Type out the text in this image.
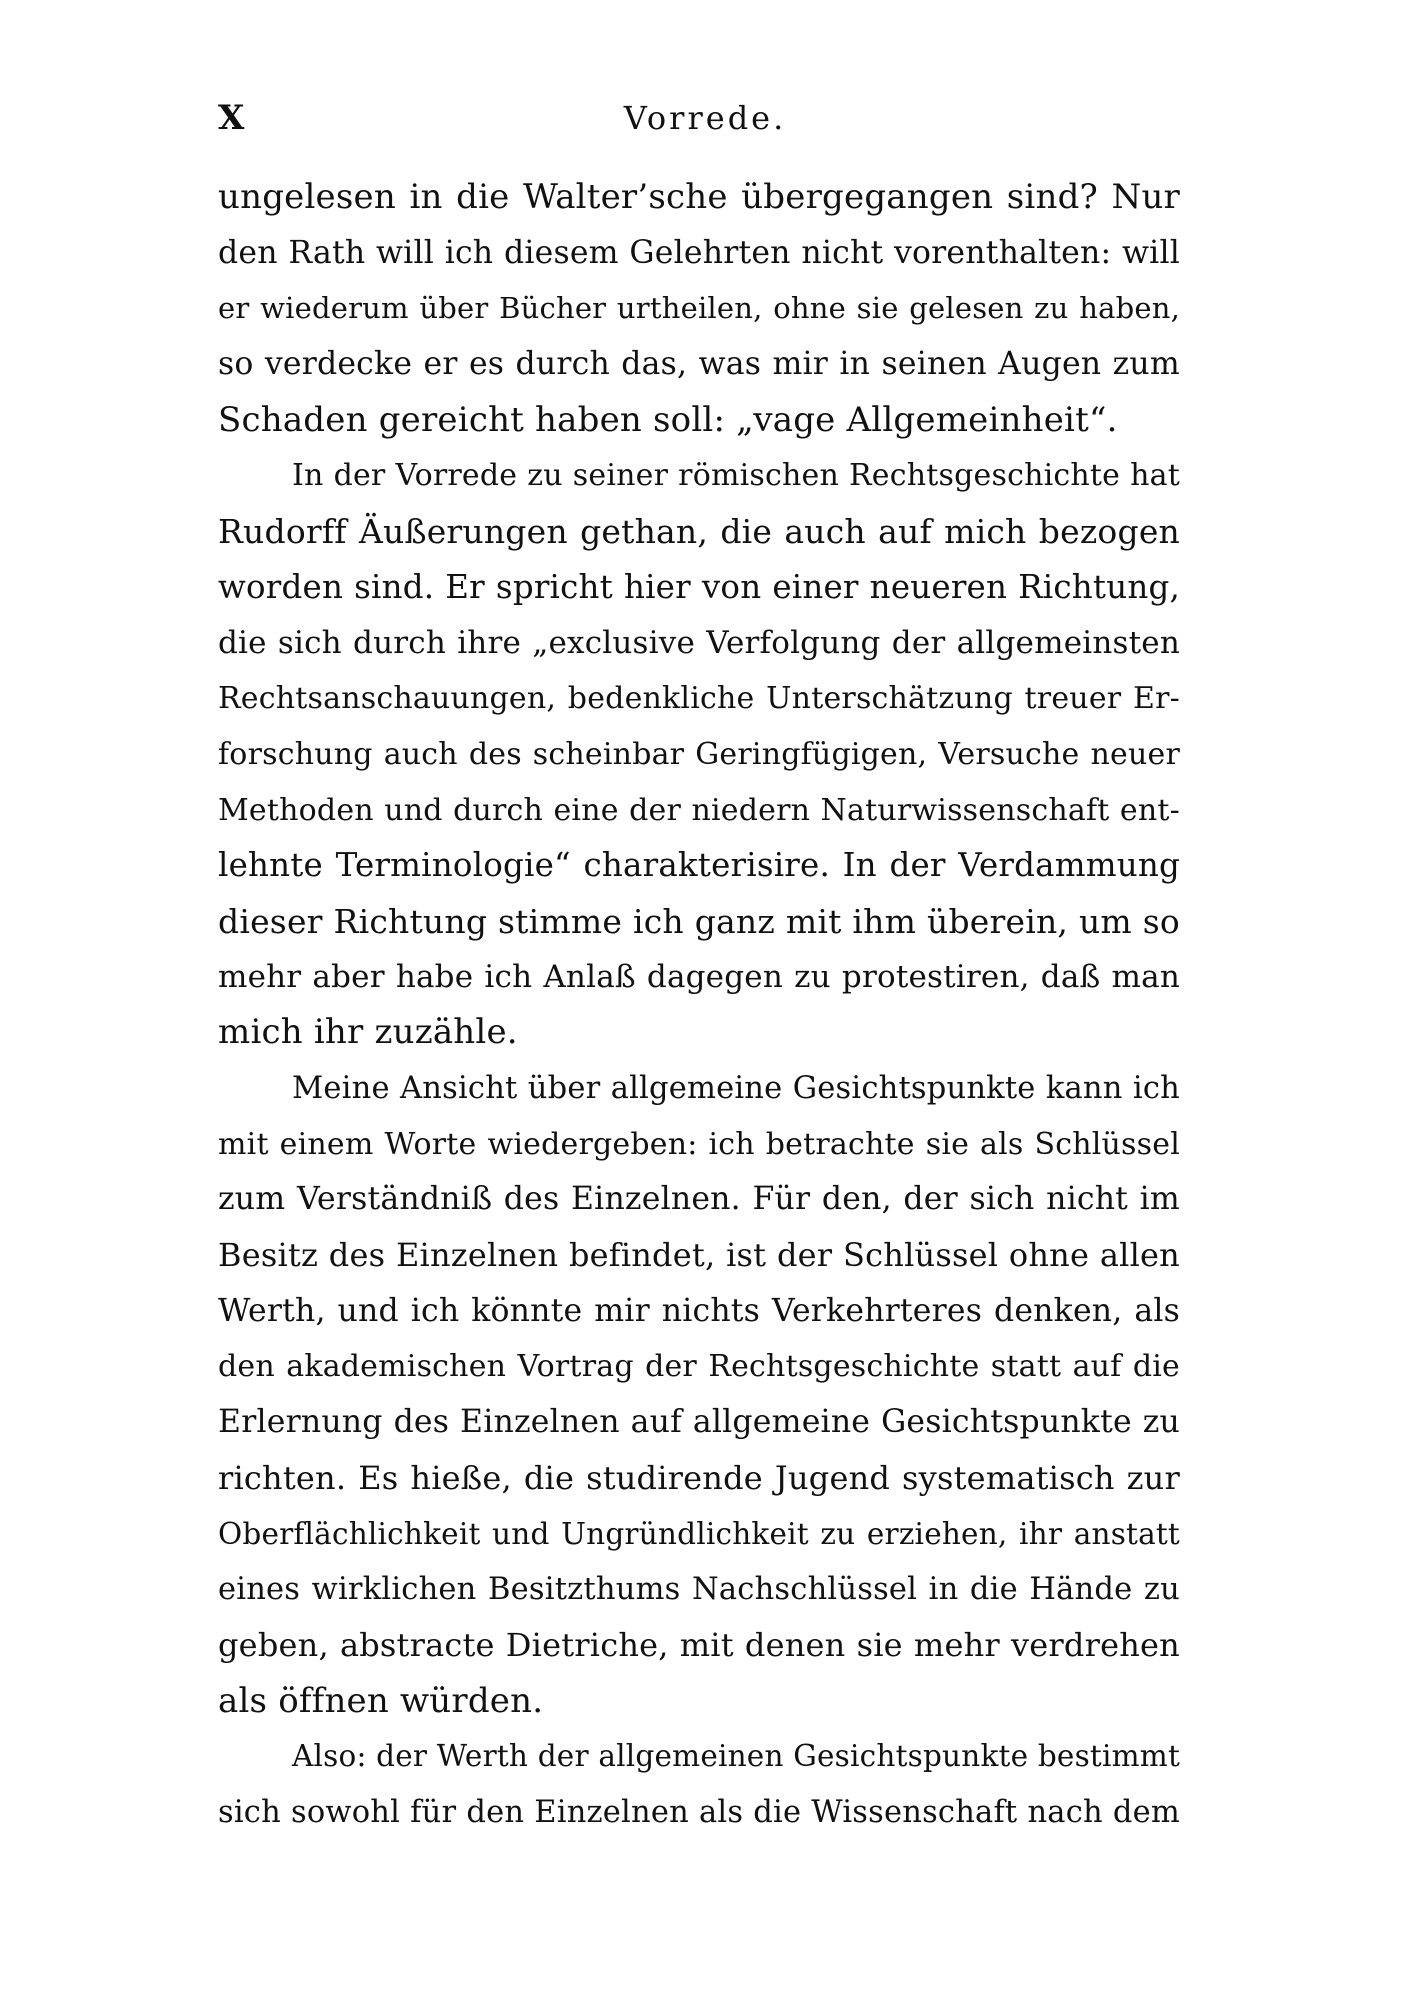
X	Vorrede.
ungelesen in die Walter’sche übergegangen sind? Nur
den Rath will ich diesem Gelehrten nicht vorenthalten: will
er wiederum über Bücher urtheilen, ohne sie gelesen zu haben,
so verdecke er es durch das, was mir in seinen Augen zum
Schaden gereicht haben soll: „vage Allgemeinheit“.
In der Vorrede zu seiner römischen Rechtsgeschichte hat
Rudorff Äußerungen gethan, die auch auf mich bezogen
worden sind. Er spricht hier von einer neueren Richtung,
die sich durch ihre „exclusive Verfolgung der allgemeinsten
Rechtsanschauungen, bedenkliche Unterschätzung treuer Er-
forschung auch des scheinbar Geringfügigen, Versuche neuer
Methoden und durch eine der niedern Naturwissenschaft ent-
lehnte Terminologie“ charakterisire. In der Verdammung
dieser Richtung stimme ich ganz mit ihm überein, um so
mehr aber habe ich Anlaß dagegen zu protestiren, daß man
mich ihr zuzähle.
Meine Ansicht über allgemeine Gesichtspunkte kann ich
mit einem Worte wiedergeben: ich betrachte sie als Schlüssel
zum Verständniß des Einzelnen. Für den, der sich nicht im
Besitz des Einzelnen befindet, ist der Schlüssel ohne allen
Werth, und ich könnte mir nichts Verkehrteres denken, als
den akademischen Vortrag der Rechtsgeschichte statt auf die
Erlernung des Einzelnen auf allgemeine Gesichtspunkte zu
richten. Es hieße, die studirende Jugend systematisch zur
Oberflächlichkeit und Ungründlichkeit zu erziehen, ihr anstatt
eines wirklichen Besitzthums Nachschlüssel in die Hände zu
geben, abstracte Dietriche, mit denen sie mehr verdrehen
als öffnen würden.
Also: der Werth der allgemeinen Gesichtspunkte bestimmt
sich sowohl für den Einzelnen als die Wissenschaft nach dem
